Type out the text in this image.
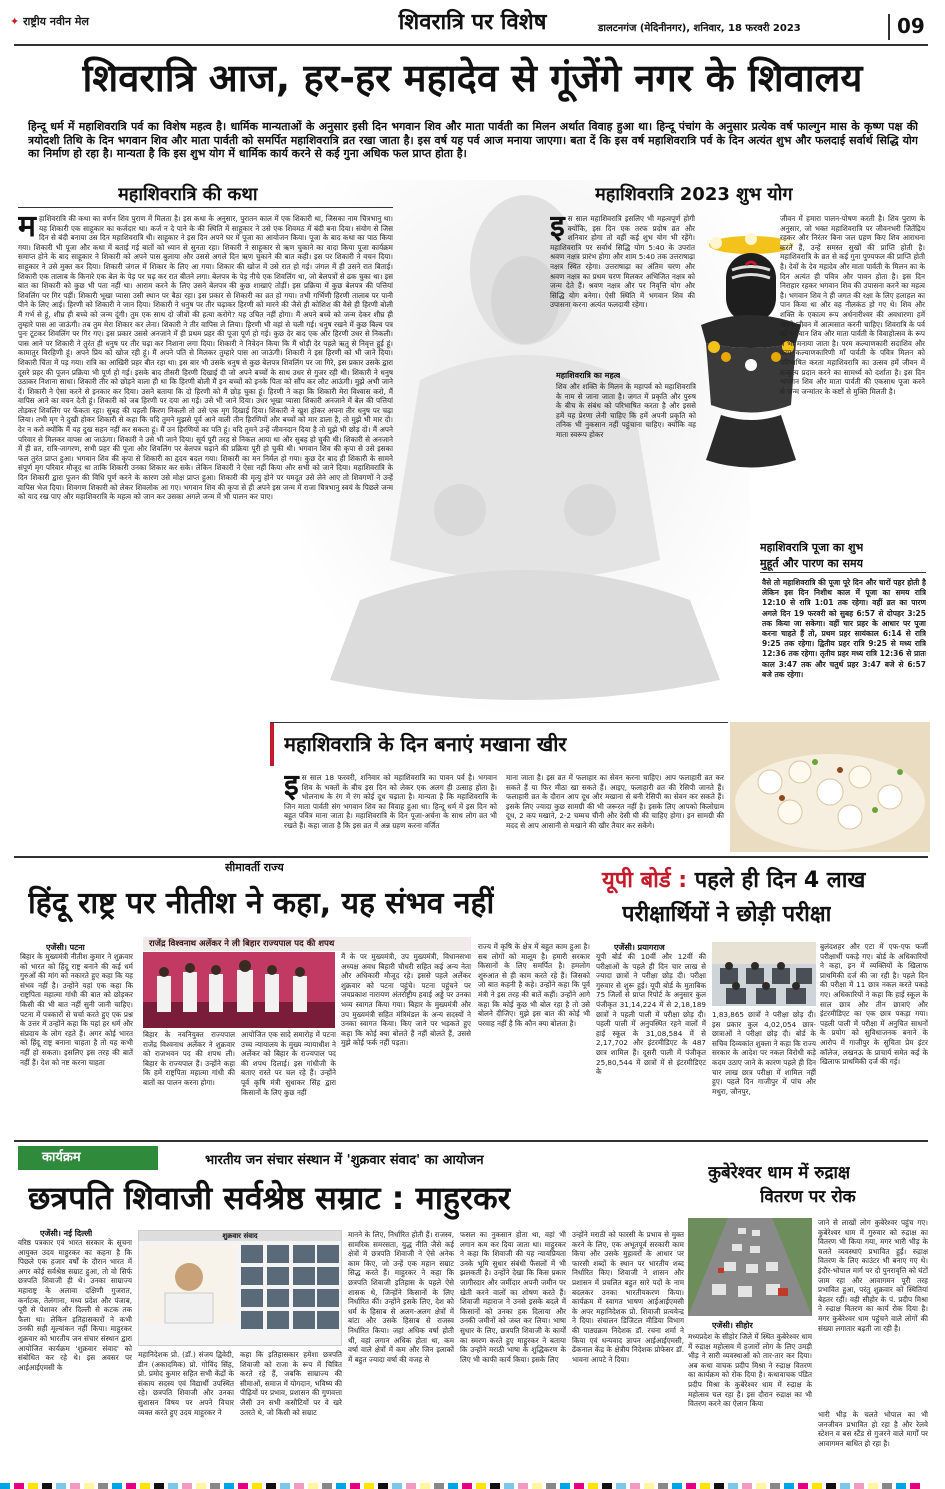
✦ राष्ट्रीय नवीन मेल	शिवरात्रि पर विशेष	डालटनगंज (मेदिनीनगर), शनिवार, 18 फरवरी 2023	09
शिवरात्रि आज, हर-हर महादेव से गूंजेंगे नगर के शिवालय
हिन्दू धर्म में महाशिवरात्रि पर्व का विशेष महत्व है। धार्मिक मान्यताओं के अनुसार इसी दिन भगवान शिव और माता पार्वती का मिलन अर्थात विवाह हुआ था। हिन्दू पंचांग के अनुसार प्रत्येक वर्ष फाल्गुन मास के कृष्ण पक्ष की त्रयोदशी तिथि के दिन भगवान शिव और माता पार्वती को समर्पित महाशिवरात्रि व्रत रखा जाता है। इस वर्ष यह पर्व आज मनाया जाएगा। बता दें कि इस वर्ष महाशिवरात्रि पर्व के दिन अत्यंत शुभ और फलदाई सर्वार्थ सिद्धि योग का निर्माण हो रहा है। मान्यता है कि इस शुभ योग में धार्मिक कार्य करने से कई गुना अधिक फल प्राप्त होता है।
महाशिवरात्रि की कथा
म हाशिवरात्रि की कथा का वर्णन शिव पुराण में मिलता है। इस कथा के अनुसार, पुरातन काल में एक शिकारी था, जिसका नाम चित्रभानु था। यह शिकारी एक साहूकार का कर्जदार था। कर्ज न दे पाने के की स्थिति में साहूकार ने उसे एक शिवमठ में बंदी बना दिया। संयोग से जिस दिन से बंदी बनाया उस दिन महाशिवरात्रि थी। साहूकार ने इस दिन अपने घर में पूजा का आयोजन किया। पूजा के बाद कथा का पाठ किया गया। शिकारी भी पूजा और कथा में बताई गई बातों को ध्यान से सुनता रहा। शिकारी ने साहूकार से ऋण चुकाने का वादा किया पूजा कार्यक्रम समाप्त होने के बाद साहूकार ने शिकारी को अपने पास बुलाया और उससे अगले दिन ऋण चुकाने की बात कही। इस पर शिकारी ने वचन दिया। साहूकार ने उसे मुक्त कर दिया। शिकारी जंगल में शिकार के लिए आ गया। शिकार की खोज में उसे रात हो गई। जंगल में ही उसने रात बिताई। शिकारी एक तालाब के किनारे एक बेल के पेड़ पर चढ़ कर रात बीतने लगा। बेलपत्र के पेड़ नीचे एक शिवलिंग था, जो बेलपत्रों से ढक चुका था। इस बात का शिकारी को कुछ भी पता नहीं था। आराम करने के लिए उसने बेलपत्र की कुछ शाखाएं तोड़ीं। इस प्रक्रिया में कुछ बेलपत्र की पत्तियां शिवलिंग पर गिर पड़ीं। शिकारी भूखा प्यासा उसी स्थान पर बैठा रहा। इस प्रकार से शिकारी का व्रत हो गया। तभी गर्भिणी हिरणी तालाब पर पानी पीने के लिए आई। हिरणी को शिकारी ने जान दिया। शिकारी ने धनुष पर तीर चढ़ाकर हिरणी को मारने की जैसे ही कोशिश की वैसे ही हिरणी बोली मैं गर्भ से हूं, शीघ्र ही बच्चे को जन्म दूंगी। तुम एक साथ दो जीवों की हत्या करोगे? यह उचित नहीं होगा। मैं अपने बच्चे को जन्म देकर शीघ्र ही तुम्हारे पास आ जाऊंगी। तब तुम मेरा शिकार कर लेना। शिकारी ने तीर वापिस ले लिया। हिरणी भी वहां से चली गई। धनुष रखने में कुछ बिल्व पत्र पुनः टूटकर शिवलिंग पर गिर गए। इस प्रकार उससे अनजाने में ही प्रथम प्रहर की पूजा पूर्ण हो गई। कुछ देर बाद एक और हिरणी उधर से निकली। पास आने पर शिकारी ने तुरंत ही धनुष पर तीर चढ़ा कर निशाना लगा दिया। शिकारी ने निवेदन किया कि मैं थोड़ी देर पहले ऋतु से निवृत्त हुई हूं। कामातुर विरहिणी हूं। अपने प्रिय को खोज रही हूं। मैं अपने पति से मिलकर तुम्हारे पास आ जाऊंगी। शिकारी ने इस हिरणी को भी जाने दिया। शिकारी चिंता में पड़ गया। रात्रि का आखिरी प्रहर बीत रहा था। इस बार भी उसके धनुष से कुछ बेलपत्र शिवलिंग पर जा गिरे, इस प्रकार उसके द्वारा दूसरे प्रहर की पूजन प्रक्रिया भी पूर्ण हो गई। इसके बाद तीसरी हिरणी दिखाई दी जो अपने बच्चों के साथ उधर से गुजर रही थी। शिकारी ने धनुष उठाकर निशाना साधा। शिकारी तीर को छोड़ने वाला ही था कि हिरणी बोली मैं इन बच्चों को इनके पिता को सौंप कर लौट आऊंगी। मुझे अभी जाने दें। शिकारी ने ऐसा करने से इनकार कर दिया। उसने बताया कि दो हिरणी को मैं छोड़ चुका हूं। हिरणी ने कहा कि शिकारी मेरा विश्वास करो, मैं वापिस आने का वचन देती हूं। शिकारी को जब हिरणी पर दया आ गई। उसे भी जाने दिया। उधर भूखा प्यासा शिकारी अनजाने में बेल की पत्तियां तोड़कर शिवलिंग पर फेंकता रहा। सुबह की पहली किरण निकली तो उसे एक मृग दिखाई दिया। शिकारी ने खुश होकर अपना तीर धनुष पर चढ़ा लिया। तभी मृग ने दुखी होकर शिकारी से कहा कि यदि तुमने मुझसे पूर्व आने वाली तीन हिरणियों और बच्चों को मार डाला है, तो मुझे भी मार दो। देर न करो क्योंकि मैं यह दुख सहन नहीं कर सकता हूं। मैं उन हिरणियों का पति हूं। यदि तुमने उन्हें जीवनदान दिया है तो मुझे भी छोड़ दो। मैं अपने परिवार से मिलकर वापस आ जाऊंगा। शिकारी ने उसे भी जाने दिया। सूर्य पूरी तरह से निकल आया था और सुबह हो चुकी थी। शिकारी से अनजाने में ही व्रत, रात्रि-जागरण, सभी प्रहर की पूजा और शिवलिंग पर बेलपत्र चढ़ाने की प्रक्रिया पूरी हो चुकी थी। भगवान शिव की कृपा से उसे इसका फल तुरंत प्राप्त हुआ। भगवान शिव की कृपा से शिकारी का हृदय बदल गया। शिकारी का मन निर्मल हो गया। कुछ देर बाद ही शिकारी के सामने संपूर्ण मृग परिवार मौजूद था ताकि शिकारी उनका शिकार कर सके। लेकिन शिकारी ने ऐसा नहीं किया और सभी को जाने दिया। महाशिवरात्रि के दिन शिकारी द्वारा पूजन की विधि पूर्ण करने के कारण उसे मोक्ष प्राप्त हुआ। शिकारी की मृत्यु होने पर यमदूत उसे लेने आए तो शिवगणों ने उन्हें वापिस भेज दिया। शिवगण शिकारी को लेकर शिवलोक आ गए। भगवान शिव की कृपा से ही अपने इस जन्म में राजा चित्रभानु स्वयं के पिछले जन्म को याद रख पाए और महाशिवरात्रि के महत्व को जान कर उसका अगले जन्म में भी पालन कर पाए।
महाशिवरात्रि 2023 शुभ योग
इ स साल महाशिवरात्रि इसलिए भी महत्वपूर्ण होगी क्योंकि, इस दिन एक तरफ प्रदोष व्रत और शनिवार होगा तो वहीं कई शुभ योग भी रहेंगे। महाशिवरात्रि पर सर्वार्थ सिद्धि योग 5:40 के उपरांत श्रवण नक्षत्र प्रारंभ होगा और शाम 5:40 तक उत्तराषाढ़ा नक्षत्र स्थित रहेगा। उत्तराषाढ़ा का अंतिम चरण और श्रवण नक्षत्र का प्रथम चरण मिलकर अभिजित नक्षत्र को जन्म देते हैं। श्रवण नक्षत्र और पर निवृत्ति योग और सिद्धि योग बनेगा। ऐसी स्थिति में भगवान शिव की उपासना करना अत्यंत फलदायी रहेगा।
महाशिवरात्रि का महत्व
शिव और शक्ति के मिलन के महापर्व को महाशिवरात्रि के नाम से जाना जाता है। जगत में प्रकृति और पुरुष के बीच के संबंध को परिभाषित करता है और इससे हमें यह प्रेरणा लेनी चाहिए कि हमें अपनी प्रकृति को तनिक भी नुकसान नहीं पहुंचाना चाहिए। क्योंकि वह माता स्वरूप होकर
जीवन में हमारा पालन-पोषण करती है। शिव पुराण के अनुसार, जो भक्त महाशिवरात्रि पर जीवनभरी जितेंद्रिय रहकर और निरंतर बिना जल ग्रहण किए शिव आराधना करते हैं, उन्हें समस्त सुखों की प्राप्ति होती है। महाशिवरात्रि के व्रत से कई गुना पुण्यफल की प्राप्ति होती है। देवों के देव महादेव और माता पार्वती के मिलन का के दिन अत्यंत ही पवित्र और पावन होता है। इस दिन निराहार रहकर भगवान शिव की उपासना करने का महत्व है। भगवान शिव ने ही जगत की रक्षा के लिए हलाहल का पान किया था और वह नीलकंठ हो गए थे। शिव और शक्ति के एकात्म रूप अर्धनारीश्वर की अवधारणा हमें अपने जीवन में आत्मसात करनी चाहिए। शिवरात्रि के पर्व को भगवान शिव और माता पार्वती के विवाहोत्सव के रूप में भी मनाया जाता है। परम कल्याणकारी सदाशिव और परम कल्याणकारिणी माँ पार्वती के पवित्र मिलन को परिभाषित करता महाशिवरात्रि का उत्सव हमें जीवन में सत्कृत्य प्रदान करने का सामर्थ्य को दर्शाता है। इस दिन भगवान शिव और माता पार्वती की एकसाथ पूजा करने से जन्म जन्मांतर के कष्टों से मुक्ति मिलती है।
महाशिवरात्रि पूजा का शुभ
मुहूर्त और पारण का समय
वैसे तो महाशिवरात्रि की पूजा पूरे दिन और चारों पहर होती है लेकिन इस दिन निशीथ काल में पूजा का समय रात्रि 12:10 से रात्रि 1:01 तक रहेगा। वहीं व्रत का पारण अगले दिन 19 फरवरी को सुबह 6:57 से दोपहर 3:25 तक किया जा सकेगा। वहीं चार प्रहर के आधार पर पूजा करना चाहते हैं तो, प्रथम प्रहर सायंकाल 6:14 से रात्रि 9:25 तक रहेगा। द्वितीय प्रहर रात्रि 9:25 से मध्य रात्रि 12:36 तक रहेगा। तृतीय प्रहर मध्य रात्रि 12:36 से प्रातः काल 3:47 तक और चतुर्थ प्रहर 3:47 बजे से 6:57 बजे तक रहेगा।
महाशिवरात्रि के दिन बनाएं मखाना खीर
इ स साल 18 फरवरी, शनिवार को महाशिवरात्रि का पावन पर्व है। भगवान शिव के भक्तों के बीच इस दिन को लेकर एक अलग ही उत्साह होता है। भोलनाथ के रंग में रंग कोई दूध चढ़ाता है। मान्यता है कि महाशिवरात्रि के जिन माता पार्वती संग भगवान शिव का विवाह हुआ था। हिन्दू धर्म में इस दिन को बहुत पवित्र माना जाता है। महाशिवरात्रि के दिन पूजा-अर्चना के साथ लोग व्रत भी रखते हैं। कहा जाता है कि इस व्रत में अन्न ग्रहण करना वर्जित
माना जाता है। इस व्रत में फलाहार का सेवन करना चाहिए। आप फलाहारी व्रत कर सकते हैं या फिर मीठा खा सकते हैं। आइए, फलाहारी व्रत की रेसिपी जानते हैं। फलाहारी व्रत के दौरान आप दूध और मखाना से बनी रेसिपी का सेवन कर सकते हैं। इसके लिए ज्यादा कुछ सामग्री की भी जरूरत नहीं है। इसके लिए आपको किलोग्राम दूध, 2 कप मखाने, 2-2 चम्मच चीनी और देसी घी की चाहिए होगा। इन सामग्री की मदद से आप आसानी से मखाने की खीर तैयार कर सकेंगे।
सीमावर्ती राज्य
हिंदू राष्ट्र पर नीतीश ने कहा, यह संभव नहीं
एजेंसी। पटना
बिहार के मुख्यमंत्री नीतीश कुमार ने शुक्रवार को भारत को हिंदू राष्ट्र बनाने की कई धर्म गुरुओं की मांग को नकारते हुए कहा कि यह संभव नहीं है। उन्होंने यहां एक कहा कि राष्ट्रपिता महात्मा गांधी की बात को छोड़कर किसी की भी बात नहीं सुनी जानी चाहिए। पटना में पत्रकारों से चर्चा करते हुए एक प्रश्न के उत्तर में उन्होंने कहा कि यहां हर धर्म और संप्रदाय के लोग रहते हैं। अगर कोई भारत को हिंदू राष्ट्र बनाना चाहता है तो यह कभी नहीं हो सकता। इसलिए इस तरह की बातें नहीं हैं। देश को नष्ट करना चाहता
राजेंद्र विश्वनाथ अर्लेकर ने ली बिहार राज्यपाल पद की शपथ
बिहार के नवनियुक्त राज्यपाल राजेंद्र विश्वनाथ अर्लेकर ने शुक्रवार को राजभवन पद की शपथ ली। बिहार के राज्यपाल हैं। उन्होंने कहा कि हमें राष्ट्रपिता महात्मा गांधी की बातों का पालन करना होगा।
आयोजित एक सादे समारोह में पटना उच्च न्यायालय के मुख्य न्यायाधीश ने अर्लेकर को बिहार के राज्यपाल पद की शपथ दिलाई। इस गांधीजी के बताए रास्ते पर चल रहे हैं। उन्होंने पूर्व कृषि मंत्री सुधाकर सिंह द्वारा किसानों के लिए कुछ नहीं
मैं के पर मुख्यमंत्री, उप मुख्यमंत्री, विधानसभा अध्यक्ष अवध बिहारी चौधरी सहित कई अन्य नेता और अधिकारी मौजूद रहे। इससे पहले अर्लेकर शुक्रवार को पटना पहुंचे। पटना पहुंचने पर जयप्रकाश नारायण अंतर्राष्ट्रीय हवाई अड्डे पर उनका भव्य स्वागत किया गया। बिहार के मुख्यमंत्री और उप मुख्यमंत्री सहित मंत्रिमंडल के अन्य सदस्यों ने उनका स्वागत किया। किए जाने पर भड़कते हुए कहा कि कोई क्या बोलते हैं नहीं बोलते हैं, उससे मुझे कोई फर्क नहीं पड़ता।
राज्य में कृषि के क्षेत्र में बहुत काम हुआ है। सब लोगों को मालूम है। हमारी सरकार किसानों के लिए समर्पित है। हमलोग शुरुआत से ही काम करते रहे हैं। जिसको जो बात कहनी है कहे। उन्होंने कहा कि पूर्व मंत्री ने इस तरह की बातें कहीं। उन्होंने आगे कहा कि कोई कुछ भी बोल रहा है तो उसे बोलने दीजिए। मुझे इस बात की कोई भी परवाह नहीं है कि कौन क्या बोलता है।
यूपी बोर्ड : पहले ही दिन 4 लाख
परीक्षार्थियों ने छोड़ी परीक्षा
एजेंसी। प्रयागराज
यूपी बोर्ड की 10वीं और 12वीं की परीक्षाओं के पहले ही दिन चार लाख से ज्यादा छात्रों ने परीक्षा छोड़ दी। परीक्षा गुरुवार से शुरू हुई। यूपी बोर्ड के मुताबिक 75 जिलों से प्राप्त रिपोर्ट के अनुसार कुल पंजीकृत 31,14,224 में से 2,18,189 छात्रों ने पहली पाली में परीक्षा छोड़ दी। पहली पाली में अनुपस्थित रहने वालों में हाई स्कूल के 31,08,584 में से 2,17,702 और इंटरमीडिएट के 487 छात्र शामिल हैं। दूसरी पाली में पंजीकृत 25,80,544 में छात्रों में से इंटरमीडिएट के
1,83,865 छात्रों ने परीक्षा छोड़ दी। इस प्रकार कुल 4,02,054 छात्र-छात्राओं ने परीक्षा छोड़ दी। बोर्ड के सचिव दिव्यकांत शुक्ला ने कहा कि राज्य सरकार के आदेश पर नकल विरोधी कड़े कदम उठाए जाने के कारण पहले ही दिन चार लाख छात्र परीक्षा में शामिल नहीं हुए। पहले दिन गाजीपुर में पांच और मथुरा, जौनपुर,
बुलंदशहर और एटा में एफ-एफ फर्जी परीक्षार्थी पकड़े गए। बोर्ड के अधिकारियों ने कहा, इन में व्यक्तियों के खिलाफ प्राथमिकी दर्ज की जा रही है। पहले दिन की परीक्षा में 11 छात्र नकल करते पकड़े गए। अधिकारियों ने कहा कि हाई स्कूल के साल छात्र और तीन छात्राएं और इंटरमीडिएट का एक छात्र पकड़ा गया। पहली पाली में परीक्षा में अनुचित साधनों के प्रयोग को सुविधाजनक बनाने के आरोप में गाजीपुर के सुचिता प्रेम इंटर कॉलेज, लखनऊ के प्राचार्य समेत कई के खिलाफ प्राथमिकी दर्ज की गई।
कार्यक्रम	भारतीय जन संचार संस्थान में 'शुक्रवार संवाद' का आयोजन
छत्रपति शिवाजी सर्वश्रेष्ठ सम्राट : माहुरकर
एजेंसी। नई दिल्ली
वरिष्ठ पत्रकार एवं भारत सरकार के सूचना आयुक्त उदय माहुरकर का कहना है कि पिछले एक हजार वर्षों के दौरान भारत में अगर कोई सर्वश्रेष्ठ सम्राट हुआ, तो वो सिर्फ छत्रपति शिवाजी ही थे। उनका साम्राज्य महाराष्ट्र के अलावा दक्षिणी गुजरात, कर्नाटक, तेलंगाना, मध्य प्रदेश और पंजाब, पूरी से पेशावर और दिल्ली से कटक तक फैला था। लेकिन इतिहासकारों ने कभी उनकी सही मूल्यांकन नहीं किया। माहुरकर शुक्रवार को भारतीय जन संचार संस्थान द्वारा आयोजित कार्यक्रम 'शुक्रवार संवाद' को संबोधित कर रहे थे। इस अवसर पर आईआईएमसी के
शुक्रवार संवाद
महानिदेशक प्रो. (डॉ.) संजय द्विवेदी, डीन (अकादमिक) प्रो. गोविंद सिंह, प्रो. प्रमोद कुमार सहित सभी केंद्रों के संकाय सदस्य एवं विद्यार्थी उपस्थित रहे। छत्रपति शिवाजी और उनका सुशासन विषय पर अपने विचार व्यक्त करते हुए उदय माहुरकर ने
कहा कि इतिहासकार हमेशा छत्रपति शिवाजी को राजा के रूप में चित्रित करते रहे हैं, जबकि साम्राज्य की सीमाओं, समाज में योगदान, भविष्य की पीढ़ियों पर प्रभाव, प्रशासन की गुणवत्ता जैसी उन सभी कसौटियों पर वे खरे उतरते थे, जो किसी को सम्राट
मानने के लिए, निर्धारित होती हैं। राजस्व, सामरिक समरसता, युद्ध नीति जैसे कई क्षेत्रों में छत्रपति शिवाजी ने ऐसे अनेक काम किए, जो उन्हें एक महान सम्राट सिद्ध करते हैं। माहुरकर ने कहा कि छत्रपति शिवाजी इतिहास के पहले ऐसे शासक थे, जिन्होंने किसानों के लिए निर्धारित कीं। उन्होंने इसके लिए, देश को धर्म के हिसाब से अलग-अलग क्षेत्रों में बांटा और उसके हिसाब से राजस्व निर्धारित किया। जहां अधिक वर्षा होती थी, वहां लगान अधिक होता था, कम वर्षा वाले क्षेत्रों में कम और जिन इलाकों में बहुत ज्यादा वर्षा की वजह से
फसल का नुकसान होता था, वहां भी लगान कम कर दिया जाता था। माहुरकर ने कहा कि शिवाजी की यह न्यायप्रियता उनके भूमि सुधार संबंधी फैसलों में भी झलकती है। उन्होंने देखा कि किस प्रकार जागीरदार और जमींदार अपनी जमीन पर खेती करने वालों का शोषण करते हैं। शिवाजी महाराज ने उनसे इसके बदले में किसानों को उनका हक दिलाया और उनकी जमीनों को जब्त कर लिया। भाषा सुधार के लिए, छत्रपति शिवाजी के कार्यों का स्मरण करते हुए माहुरकर ने बताया कि उन्होंने मराठी भाषा के शुद्धिकरण के लिए भी काफी कार्य किया। इसके लिए
उन्होंने मराठी को फारसी के प्रभाव से मुक्त करने के लिए, एक अभूतपूर्व सरकारी काम किया और उसके मुहावरों के आधार पर फारसी शब्दों के स्थान पर भारतीय शब्द निर्धारित किए। शिवाजी ने शासन और प्रशासन में प्रचलित बहुत सारे पदों के नाम बदलकर उनका भारतीयकरण किया। कार्यक्रम में स्वागत भाषण आईआईएमसी के अपर महानिदेशक प्रो. शिवाजी प्रत्ययेन्द्र ने दिया। संचालन डिजिटल मीडिया विभाग की पाठ्यक्रम निदेशक डॉ. रचना शर्मा ने किया एवं धन्यवाद ज्ञापन आईआईएमसी, ढेंकनाल केंद्र के क्षेत्रीय निदेशक प्रोफेसर डॉ. भावना आपटे ने दिया।
कुबेरेश्वर धाम में रुद्राक्ष
वितरण पर रोक
एजेंसी। सीहोर
मध्यप्रदेश के सीहोर जिले में स्थित कुबेरेश्वर धाम में रुद्राक्ष महोत्सव में हजारों लोग के लिए उमड़ी भीड़ ने सारी व्यवस्थाओं को तार-तार कर दिया। अब कथा वाचक प्रदीप मिश्रा ने रुद्राक्ष वितरण का कार्यक्रम को रोक दिया है। कथावाचक पंडित प्रदीप मिश्रा के कुबेरेश्वर धाम में रुद्राक्ष के महोत्सव चल रहा है। इस दौरान रुद्राक्ष का भी वितरण करने का ऐलान किया
जाने से लाखों लोग कुबेरेश्वर पहुंच गए। कुबेरेश्वर धाम में गुरुवार को रुद्राक्ष का वितरण भी किया गया, मगर भारी भीड़ के चलते व्यवस्थाएं प्रभावित हुईं। रुद्राक्ष वितरण के लिए काउंटर भी बनाए गए थे। इंदौर-भोपाल मार्ग पर दो पुनरावृत्ति को घंटों जाम रहा और आवागमन पूरी तरह प्रभावित हुआ, परंतु शुक्रवार को स्थितियां बेहतर रहीं। वही सीहोर के पं. प्रदीप मिश्रा ने रुद्राक्ष वितरण का कार्य रोक दिया है। मगर कुबेरेश्वर धाम पहुंचने वाले लोगों की संख्या लगातार बढ़ती जा रही है।
भारी भीड़ के चलते भोपाल का भी जनजीवन प्रभावित हो रहा है और रेलवे स्टेशन व बस स्टैंड से गुजरने वाले मार्गों पर आवागमन बाधित हो रहा है।
